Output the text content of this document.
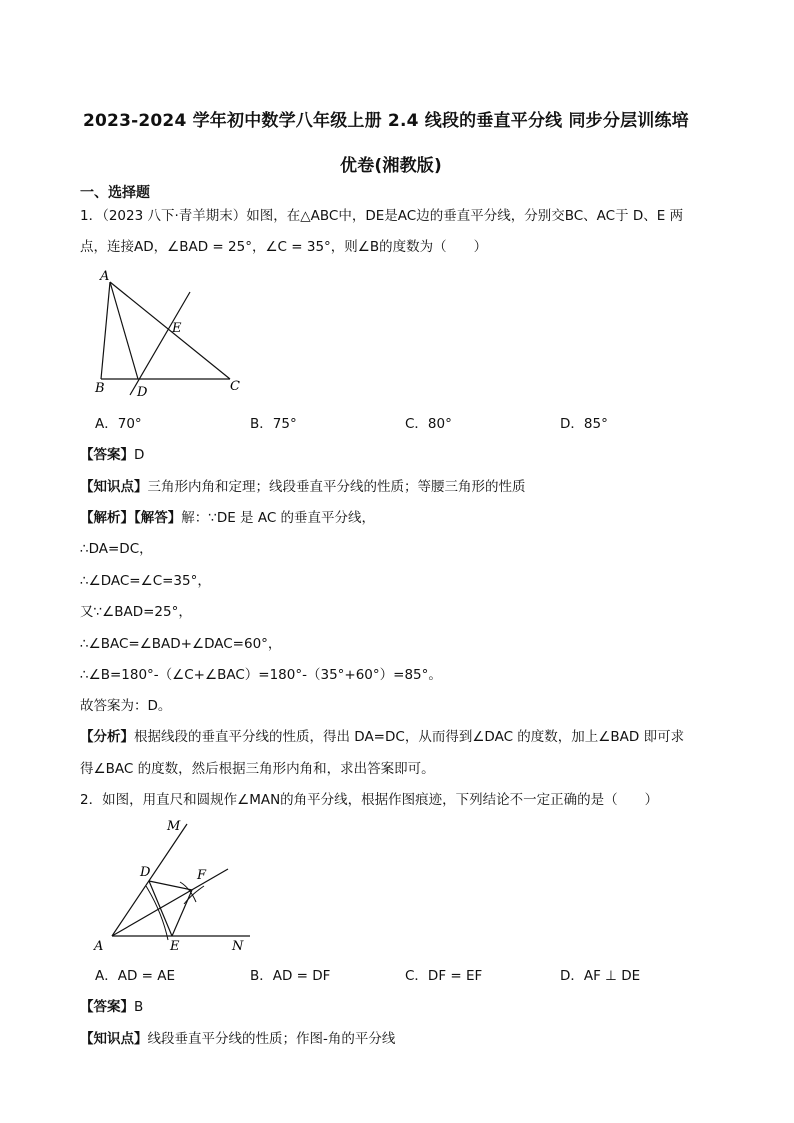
2023-2024 学年初中数学八年级上册 2.4 线段的垂直平分线 同步分层训练培
优卷(湘教版)
一、选择题
1．（2023 八下·青羊期末）如图，在△ABC中，DE是AC边的垂直平分线，分别交BC、AC于 D、E 两
点，连接AD，∠BAD = 25°，∠C = 35°，则∠B的度数为（　　）
A
B	C
D
E
A．70°	B．75°	C．80°	D．85°
【答案】D
【知识点】三角形内角和定理；线段垂直平分线的性质；等腰三角形的性质
【解析】【解答】解：∵DE 是 AC 的垂直平分线，
∴DA=DC，
∴∠DAC=∠C=35°，
又∵∠BAD=25°，
∴∠BAC=∠BAD+∠DAC=60°，
∴∠B=180°-（∠C+∠BAC）=180°-（35°+60°）=85°。
故答案为：D。
【分析】根据线段的垂直平分线的性质，得出 DA=DC，从而得到∠DAC 的度数，加上∠BAD 即可求
得∠BAC 的度数，然后根据三角形内角和，求出答案即可。
2．如图，用直尺和圆规作∠MAN的角平分线，根据作图痕迹，下列结论不一定正确的是（　　）
M
D	F
A	E	N
A．AD = AE	B．AD = DF	C．DF = EF	D．AF ⊥ DE
【答案】B
【知识点】线段垂直平分线的性质；作图-角的平分线
